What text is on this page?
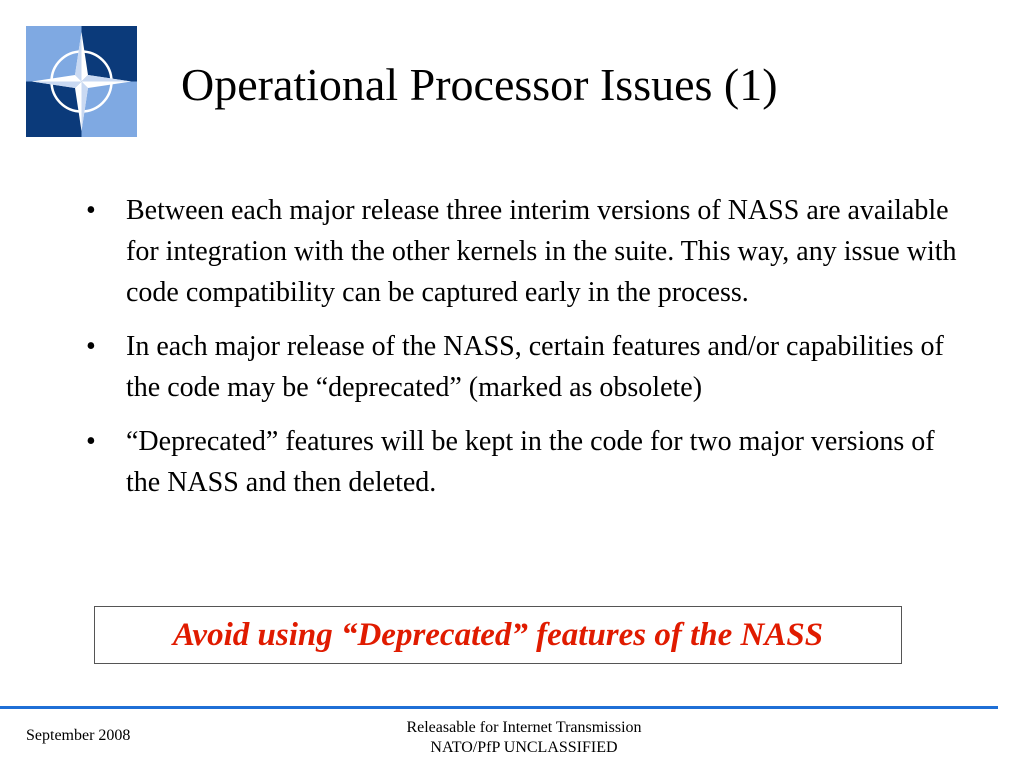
Operational Processor Issues (1)
• Between each major release three interim versions of NASS are available for integration with the other kernels in the suite. This way, any issue with code compatibility can be captured early in the process.
• In each major release of the NASS, certain features and/or capabilities of the code may be “deprecated” (marked as obsolete)
• “Deprecated” features will be kept in the code for two major versions of the NASS and then deleted.
Avoid using “Deprecated” features of the NASS
September 2008	Releasable for Internet Transmission
NATO/PfP UNCLASSIFIED
